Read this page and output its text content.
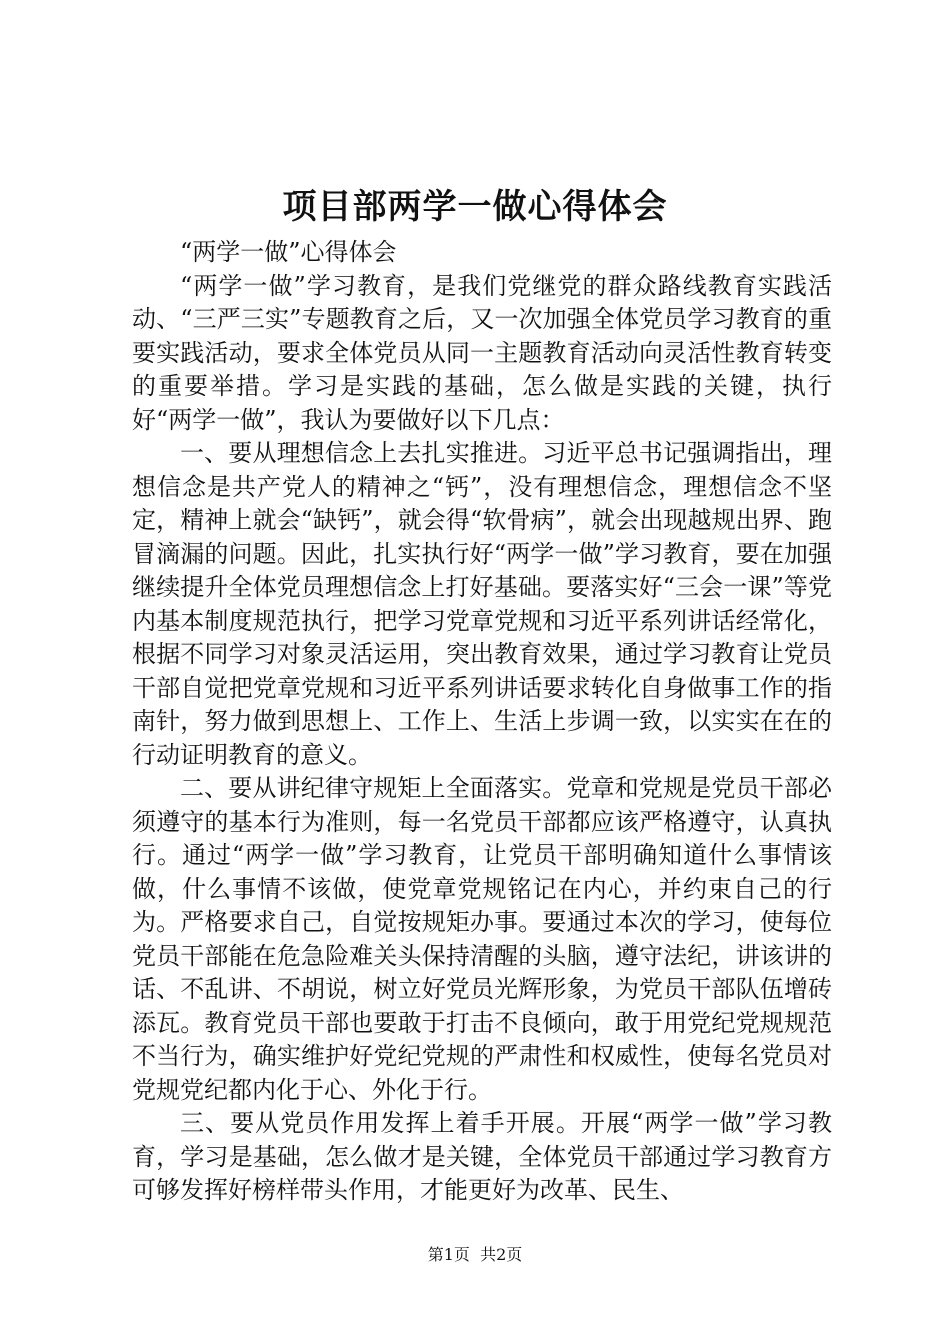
项目部两学一做心得体会

“两学一做”心得体会

“两学一做”学习教育，是我们党继党的群众路线教育实践活动、“三严三实”专题教育之后，又一次加强全体党员学习教育的重要实践活动，要求全体党员从同一主题教育活动向灵活性教育转变的重要举措。学习是实践的基础，怎么做是实践的关键，执行好“两学一做”，我认为要做好以下几点：

一、要从理想信念上去扎实推进。习近平总书记强调指出，理想信念是共产党人的精神之“钙”，没有理想信念，理想信念不坚定，精神上就会“缺钙”，就会得“软骨病”，就会出现越规出界、跑冒滴漏的问题。因此，扎实执行好“两学一做”学习教育，要在加强继续提升全体党员理想信念上打好基础。要落实好“三会一课”等党内基本制度规范执行，把学习党章党规和习近平系列讲话经常化，根据不同学习对象灵活运用，突出教育效果，通过学习教育让党员干部自觉把党章党规和习近平系列讲话要求转化自身做事工作的指南针，努力做到思想上、工作上、生活上步调一致，以实实在在的行动证明教育的意义。

二、要从讲纪律守规矩上全面落实。党章和党规是党员干部必须遵守的基本行为准则，每一名党员干部都应该严格遵守，认真执行。通过“两学一做”学习教育，让党员干部明确知道什么事情该做，什么事情不该做，使党章党规铭记在内心，并约束自己的行为。严格要求自己，自觉按规矩办事。要通过本次的学习，使每位党员干部能在危急险难关头保持清醒的头脑，遵守法纪，讲该讲的话、不乱讲、不胡说，树立好党员光辉形象，为党员干部队伍增砖添瓦。教育党员干部也要敢于打击不良倾向，敢于用党纪党规规范不当行为，确实维护好党纪党规的严肃性和权威性，使每名党员对党规党纪都内化于心、外化于行。

三、要从党员作用发挥上着手开展。开展“两学一做”学习教育，学习是基础，怎么做才是关键，全体党员干部通过学习教育方可够发挥好榜样带头作用，才能更好为改革、民生、

第1页 共2页
